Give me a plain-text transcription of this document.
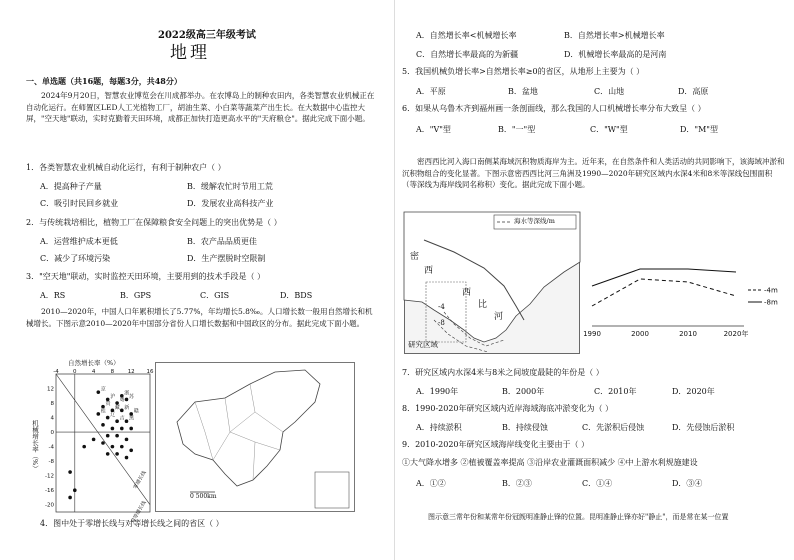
2022级高三年级考试
地理
一、单选题（共16题，每题3分，共48分）
2024年9月20日，智慧农业博览会在川成都举办。在农博岛上的制种农田内，各类智慧农业机械正在自动化运行。在师置区LED人工光植物工厂，胡油生菜、小白菜等蔬菜产出生长。在大数据中心监控大屏，"空天地"联动，实时克勤着天田环境，成都正加快打造更高水平的"天府粮仓"。据此完成下面小题。
1．各类智慧农业机械自动化运行，有利于制种农户（ ）
A．提高种子产量	B．缓解农忙时节用工荒
C．吸引时民回乡就业	D．发展农业高科技产业
2．与传统栽培相比，植物工厂在保障粮食安全问题上的突出优势是（ ）
A．运营维护成本更低	B．农产品品质更佳
C．减少了环境污染	D．生产摆脱时空限制
3．"空天地"联动，实时监控天田环境，主要用到的技术手段是（ ）
A．RS	B．GPS	C．GIS	D．BDS
2010—2020年，中国人口年累积增长了5.77%，年均增长5.8‰。人口增长数一般用自然增长和机械增长。下图示意2010—2020年中国部分省份人口增长数据和中国政区的分布。据此完成下面小题。
自然增长率（%）
机械增长率（%）
-4	0	4	8 12 16
12
8
4
0
-4
-8
-12
-16
-20
京
沪
粤
浙
苏
贵
藏 新
赣
桂
辽
吉 黑
零增长线
对等增长线
0 500km
4．图中处于零增长线与对等增长线之间的省区（ ）
A．自然增长率<机械增长率	B．自然增长率>机械增长率
C．自然增长率最高的为新疆	D．机械增长率最高的是河南
5．我国机械负增长率>自然增长率≥0的省区，从地形上主要为（ ）
A．平原	B．盆地	C．山地	D．高原
6．如果从乌鲁木齐到福州画一条剖面线，那么我国的人口机械增长率分布大致呈（ ）
A．"V"型	B．"一"型	C．"W"型	D．"M"型
密西西比河入海口南侧某海域沉积物质海岸为主。近年来，在自然条件和人类活动的共同影响下，该海域冲淤和沉积物组合的变化显著。下图示意密西西比河三角洲及1990—2020年研究区域内水深4米和8米等深线包围面积（等深线为海岸线同名称积）变化。据此完成下面小题。
海水等深线/m
密
西
西
比
河
-4
-8
研究区域
1990	2000	2010	2020年
-4m
-8m
7．研究区域内水深4米与8米之间坡度最陡的年份是（ ）
A．1990年	B．2000年	C．2010年	D．2020年
8．1990-2020年研究区域内近岸海域海底冲淤变化为（ ）
A．持续淤积	B．持续侵蚀	C．先淤积后侵蚀	D．先侵蚀后淤积
9．2010-2020年研究区域海岸线变化主要由于（ ）
①大气降水增多 ②植被覆盖率提高 ③沿岸农业灌溉面积减少 ④中上游水利规施建设
A．①②	B．②③	C．①④	D．③④
图示意三常年份和某常年份冠旣明准静止锋的位置。昆明准静止锋亦好"静止"，而是常在某一位置
